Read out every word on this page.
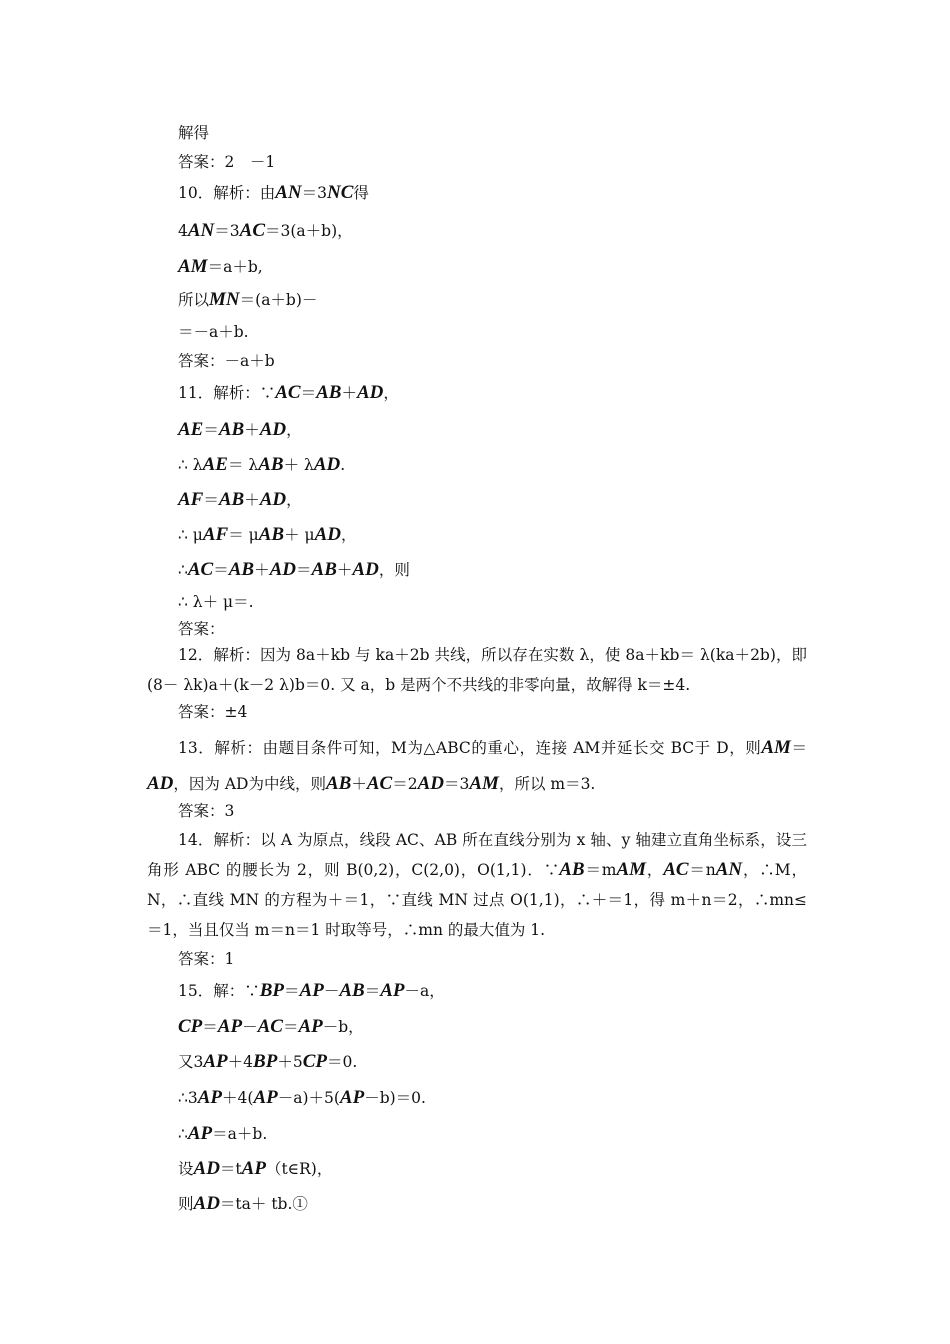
解得
答案：2　－1
10．解析：由AN＝3NC得
4AN＝3AC＝3(a＋b)，
AM＝a＋b,
所以MN＝(a＋b)－
＝－a＋b.
答案：－a＋b
11．解析：∵AC＝AB＋AD，
AE＝AB＋AD，
∴ λAE＝ λAB＋ λAD.
AF＝AB＋AD，
∴ μAF＝ μAB＋ μAD，
∴AC＝AB＋AD＝AB＋AD，则
∴ λ＋ μ＝.
答案：
12．解析：因为 8a＋kb 与 ka＋2b 共线，所以存在实数 λ，使 8a＋kb＝ λ(ka＋2b)，即(8－ λk)a＋(k－2 λ)b＝0. 又 a，b 是两个不共线的非零向量，故解得 k＝±4.
答案：±4
13．解析：由题目条件可知，M为△ABC的重心，连接 AM并延长交 BC于 D，则AM＝AD，因为 AD为中线，则AB＋AC＝2AD＝3AM，所以 m＝3.
答案：3
14．解析：以 A 为原点，线段 AC、AB 所在直线分别为 x 轴、y 轴建立直角坐标系，设三角形 ABC 的腰长为 2，则 B(0,2)，C(2,0)，O(1,1)．∵AB＝mAM，AC＝nAN，∴M，N，∴直线 MN 的方程为＋＝1，∵直线 MN 过点 O(1,1)，∴＋＝1，得 m＋n＝2，∴mn≤＝1，当且仅当 m＝n＝1 时取等号，∴mn 的最大值为 1.
答案：1
15．解：∵BP＝AP－AB＝AP－a，
CP＝AP－AC＝AP－b，
又3AP＋4BP＋5CP＝0.
∴3AP＋4(AP－a)＋5(AP－b)＝0.
∴AP＝a＋b.
设AD＝tAP（t∈R)，
则AD＝ta＋ tb.①
